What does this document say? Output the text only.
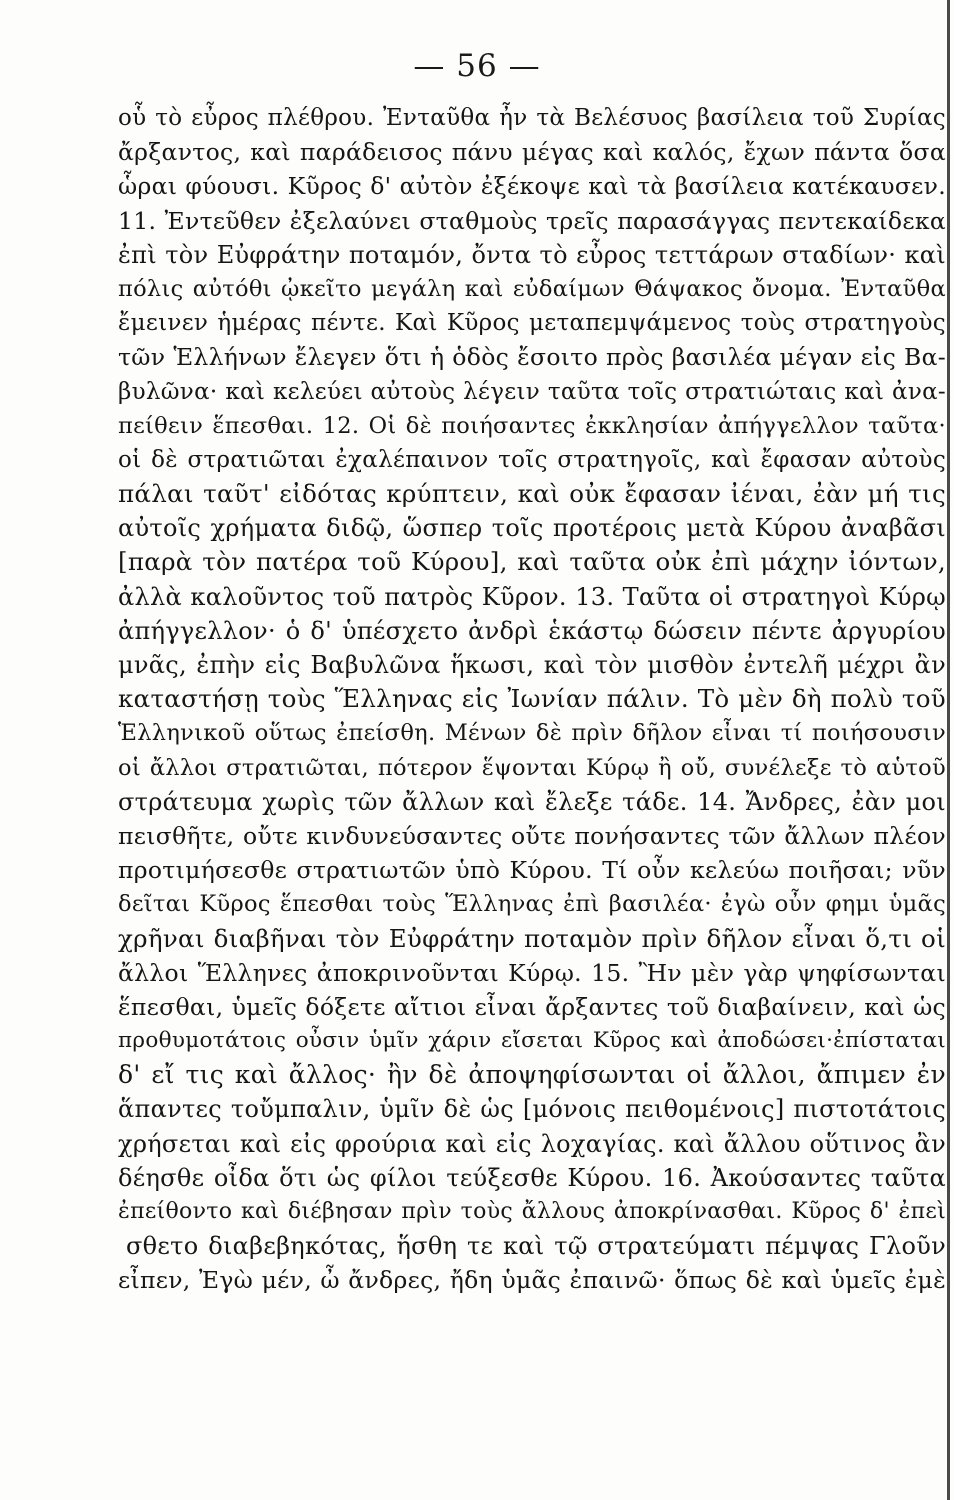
— 56 —
οὗ τὸ εὖρος πλέθρου. Ἐνταῦθα ἦν τὰ Βελέσυος βασίλεια τοῦ Συρίας
ἄρξαντος, καὶ παράδεισος πάνυ μέγας καὶ καλός, ἔχων πάντα ὅσα
ὧραι φύουσι. Κῦρος δ' αὐτὸν ἐξέκοψε καὶ τὰ βασίλεια κατέκαυσεν.
11. Ἐντεῦθεν ἐξελαύνει σταθμοὺς τρεῖς παρασάγγας πεντεκαίδεκα
ἐπὶ τὸν Εὐφράτην ποταμόν, ὄντα τὸ εὖρος τεττάρων σταδίων· καὶ
πόλις αὐτόθι ᾠκεῖτο μεγάλη καὶ εὐδαίμων Θάψακος ὄνομα. Ἐνταῦθα
ἔμεινεν ἡμέρας πέντε. Καὶ Κῦρος μεταπεμψάμενος τοὺς στρατηγοὺς
τῶν Ἑλλήνων ἔλεγεν ὅτι ἡ ὁδὸς ἔσοιτο πρὸς βασιλέα μέγαν εἰς Βα-
βυλῶνα· καὶ κελεύει αὐτοὺς λέγειν ταῦτα τοῖς στρατιώταις καὶ ἀνα-
πείθειν ἕπεσθαι. 12. Οἱ δὲ ποιήσαντες ἐκκλησίαν ἀπήγγελλον ταῦτα·
οἱ δὲ στρατιῶται ἐχαλέπαινον τοῖς στρατηγοῖς, καὶ ἔφασαν αὐτοὺς
πάλαι ταῦτ' εἰδότας κρύπτειν, καὶ οὐκ ἔφασαν ἰέναι, ἐὰν μή τις
αὐτοῖς χρήματα διδῷ, ὥσπερ τοῖς προτέροις μετὰ Κύρου ἀναβᾶσι
[παρὰ τὸν πατέρα τοῦ Κύρου], καὶ ταῦτα οὐκ ἐπὶ μάχην ἰόντων,
ἀλλὰ καλοῦντος τοῦ πατρὸς Κῦρον. 13. Ταῦτα οἱ στρατηγοὶ Κύρῳ
ἀπήγγελλον· ὁ δ' ὑπέσχετο ἀνδρὶ ἑκάστῳ δώσειν πέντε ἀργυρίου
μνᾶς, ἐπὴν εἰς Βαβυλῶνα ἥκωσι, καὶ τὸν μισθὸν ἐντελῆ μέχρι ἂν
καταστήσῃ τοὺς Ἕλληνας εἰς Ἰωνίαν πάλιν. Τὸ μὲν δὴ πολὺ τοῦ
Ἑλληνικοῦ οὕτως ἐπείσθη. Μένων δὲ πρὶν δῆλον εἶναι τί ποιήσουσιν
οἱ ἄλλοι στρατιῶται, πότερον ἕψονται Κύρῳ ἢ οὔ, συνέλεξε τὸ αὑτοῦ
στράτευμα χωρὶς τῶν ἄλλων καὶ ἔλεξε τάδε. 14. Ἄνδρες, ἐὰν μοι
πεισθῆτε, οὔτε κινδυνεύσαντες οὔτε πονήσαντες τῶν ἄλλων πλέον
προτιμήσεσθε στρατιωτῶν ὑπὸ Κύρου. Τί οὖν κελεύω ποιῆσαι; νῦν
δεῖται Κῦρος ἕπεσθαι τοὺς Ἕλληνας ἐπὶ βασιλέα· ἐγὼ οὖν φημι ὑμᾶς
χρῆναι διαβῆναι τὸν Εὐφράτην ποταμὸν πρὶν δῆλον εἶναι ὅ,τι οἱ
ἄλλοι Ἕλληνες ἀποκρινοῦνται Κύρῳ. 15. Ἢν μὲν γὰρ ψηφίσωνται
ἕπεσθαι, ὑμεῖς δόξετε αἴτιοι εἶναι ἄρξαντες τοῦ διαβαίνειν, καὶ ὡς
προθυμοτάτοις οὖσιν ὑμῖν χάριν εἴσεται Κῦρος καὶ ἀποδώσει·ἐπίσταται
δ' εἴ τις καὶ ἄλλος· ἢν δὲ ἀποψηφίσωνται οἱ ἄλλοι, ἄπιμεν ἐν
ἅπαντες τοὔμπαλιν, ὑμῖν δὲ ὡς [μόνοις πειθομένοις] πιστοτάτοις
χρήσεται καὶ εἰς φρούρια καὶ εἰς λοχαγίας. καὶ ἄλλου οὕτινος ἂν
δέησθε οἶδα ὅτι ὡς φίλοι τεύξεσθε Κύρου. 16. Ἀκούσαντες ταῦτα
ἐπείθοντο καὶ διέβησαν πρὶν τοὺς ἄλλους ἀποκρίνασθαι. Κῦρος δ' ἐπεὶ
σθετο διαβεβηκότας, ἥσθη τε καὶ τῷ στρατεύματι πέμψας Γλοῦν
εἶπεν, Ἐγὼ μέν, ὦ ἄνδρες, ἤδη ὑμᾶς ἐπαινῶ· ὅπως δὲ καὶ ὑμεῖς ἐμὲ
